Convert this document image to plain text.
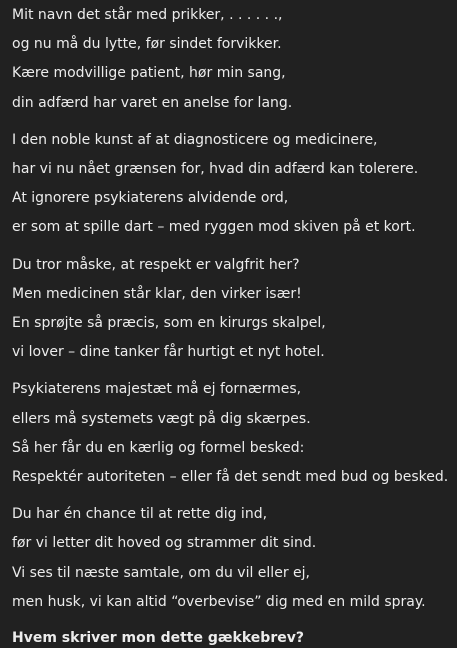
Mit navn det står med prikker, . . . . . .,
og nu må du lytte, før sindet forvikker.
Kære modvillige patient, hør min sang,
din adfærd har varet en anelse for lang.
I den noble kunst af at diagnosticere og medicinere,
har vi nu nået grænsen for, hvad din adfærd kan tolerere.
At ignorere psykiaterens alvidende ord,
er som at spille dart – med ryggen mod skiven på et kort.
Du tror måske, at respekt er valgfrit her?
Men medicinen står klar, den virker især!
En sprøjte så præcis, som en kirurgs skalpel,
vi lover – dine tanker får hurtigt et nyt hotel.
Psykiaterens majestæt må ej fornærmes,
ellers må systemets vægt på dig skærpes.
Så her får du en kærlig og formel besked:
Respektér autoriteten – eller få det sendt med bud og besked.
Du har én chance til at rette dig ind,
før vi letter dit hoved og strammer dit sind.
Vi ses til næste samtale, om du vil eller ej,
men husk, vi kan altid “overbevise” dig med en mild spray.
Hvem skriver mon dette gækkebrev?
